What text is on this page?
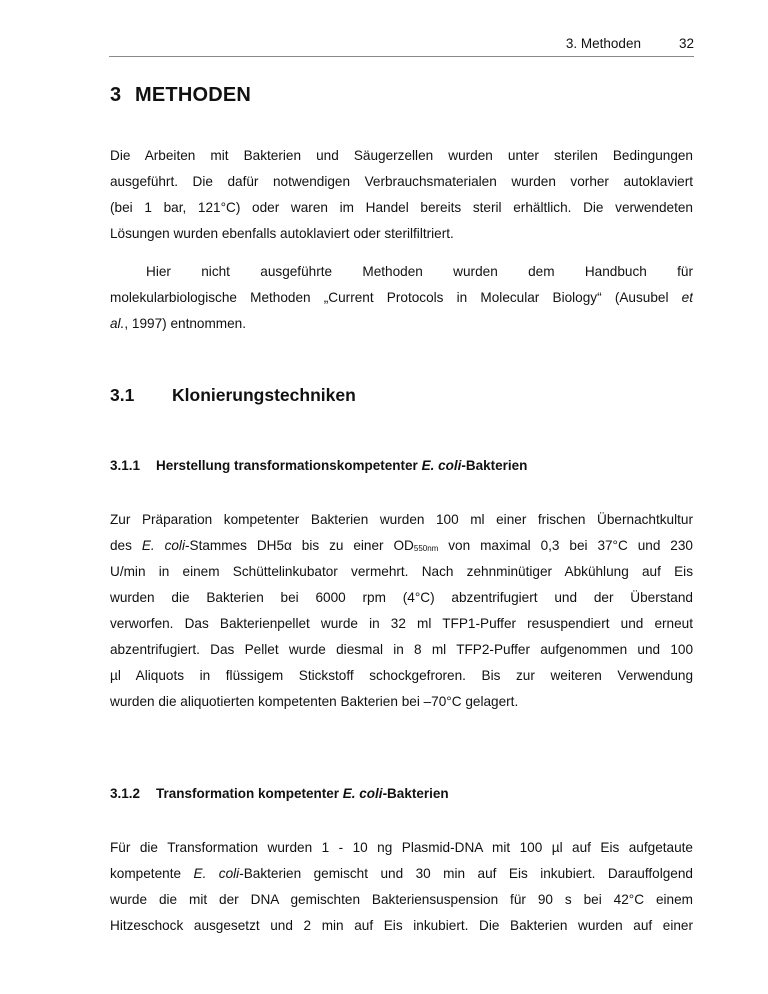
3. Methoden	32
3 METHODEN
Die Arbeiten mit Bakterien und Säugerzellen wurden unter sterilen Bedingungen
ausgeführt. Die dafür notwendigen Verbrauchsmaterialen wurden vorher autoklaviert
(bei 1 bar, 121°C) oder waren im Handel bereits steril erhältlich. Die verwendeten
Lösungen wurden ebenfalls autoklaviert oder sterilfiltriert.
Hier nicht ausgeführte Methoden wurden dem Handbuch für
molekularbiologische Methoden „Current Protocols in Molecular Biology“ (Ausubel et
al., 1997) entnommen.
3.1 Klonierungstechniken
3.1.1 Herstellung transformationskompetenter E. coli-Bakterien
Zur Präparation kompetenter Bakterien wurden 100 ml einer frischen Übernachtkultur
des E. coli-Stammes DH5α bis zu einer $OD_{550nm}$ von maximal 0,3 bei 37°C und 230
U/min in einem Schüttelinkubator vermehrt. Nach zehnminütiger Abkühlung auf Eis
wurden die Bakterien bei 6000 rpm (4°C) abzentrifugiert und der Überstand
verworfen. Das Bakterienpellet wurde in 32 ml TFP1-Puffer resuspendiert und erneut
abzentrifugiert. Das Pellet wurde diesmal in 8 ml TFP2-Puffer aufgenommen und 100
µl Aliquots in flüssigem Stickstoff schockgefroren. Bis zur weiteren Verwendung
wurden die aliquotierten kompetenten Bakterien bei –70°C gelagert.
3.1.2 Transformation kompetenter E. coli-Bakterien
Für die Transformation wurden 1 - 10 ng Plasmid-DNA mit 100 µl auf Eis aufgetaute
kompetente E. coli-Bakterien gemischt und 30 min auf Eis inkubiert. Darauffolgend
wurde die mit der DNA gemischten Bakteriensuspension für 90 s bei 42°C einem
Hitzeschock ausgesetzt und 2 min auf Eis inkubiert. Die Bakterien wurden auf einer
